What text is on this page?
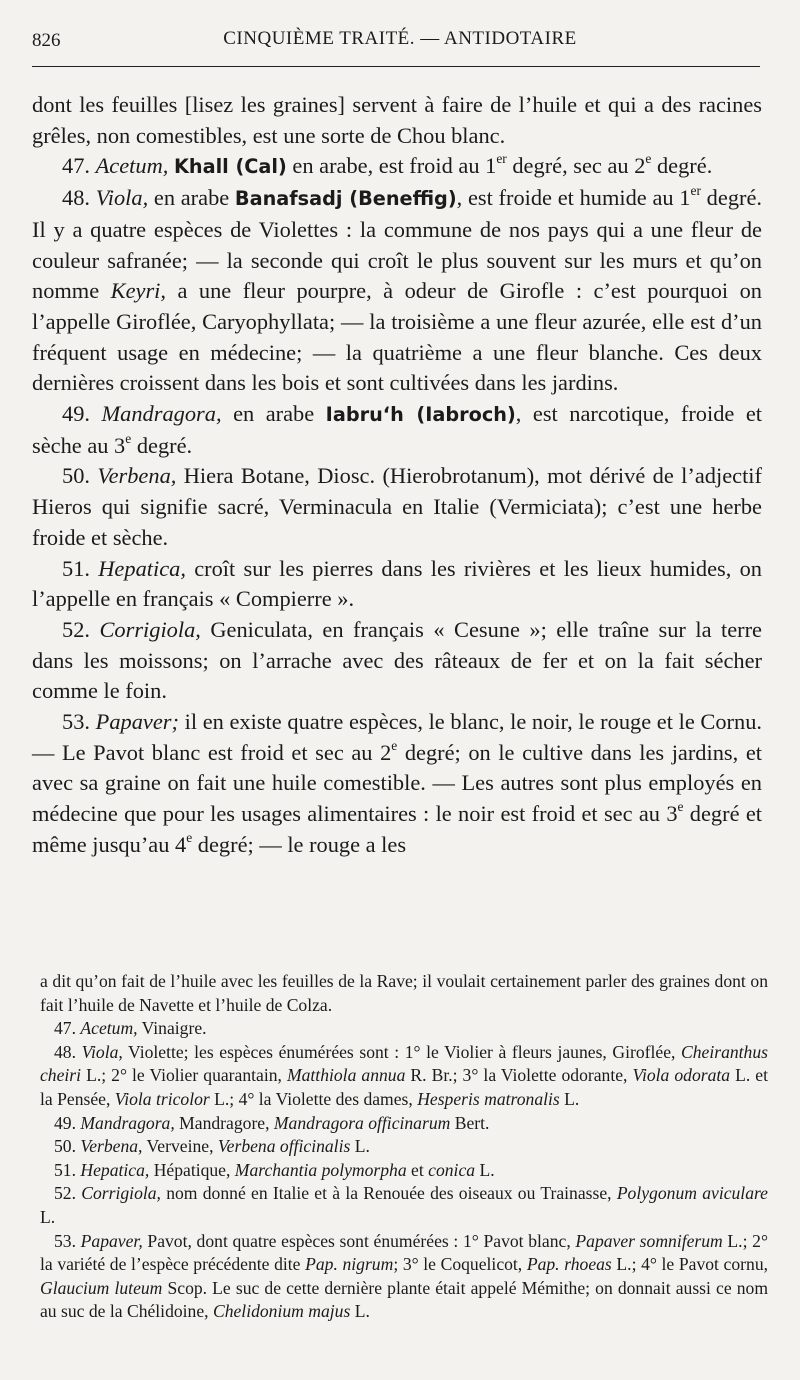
826	CINQUIÈME TRAITÉ. — ANTIDOTAIRE

dont les feuilles [lisez les graines] servent à faire de l’huile et qui a des racines grêles, non comestibles, est une sorte de Chou blanc.

47. Acetum, Khall (Cal) en arabe, est froid au 1er degré, sec au 2e degré.

48. Viola, en arabe Banafsadj (Beneffig), est froide et humide au 1er degré. Il y a quatre espèces de Violettes : la commune de nos pays qui a une fleur de couleur safranée; — la seconde qui croît le plus souvent sur les murs et qu’on nomme Keyri, a une fleur pourpre, à odeur de Girofle : c’est pourquoi on l’appelle Giroflée, Caryophyllata; — la troisième a une fleur azurée, elle est d’un fréquent usage en médecine; — la quatrième a une fleur blanche. Ces deux dernières croissent dans les bois et sont cultivées dans les jardins.

49. Mandragora, en arabe Iabru‘h (Iabroch), est narcotique, froide et sèche au 3e degré.

50. Verbena, Hiera Botane, Diosc. (Hierobrotanum), mot dérivé de l’adjectif Hieros qui signifie sacré, Verminacula en Italie (Vermiciata); c’est une herbe froide et sèche.

51. Hepatica, croît sur les pierres dans les rivières et les lieux humides, on l’appelle en français « Compierre ».

52. Corrigiola, Geniculata, en français « Cesune »; elle traîne sur la terre dans les moissons; on l’arrache avec des râteaux de fer et on la fait sécher comme le foin.

53. Papaver; il en existe quatre espèces, le blanc, le noir, le rouge et le Cornu. — Le Pavot blanc est froid et sec au 2e degré; on le cultive dans les jardins, et avec sa graine on fait une huile comestible. — Les autres sont plus employés en médecine que pour les usages alimentaires : le noir est froid et sec au 3e degré et même jusqu’au 4e degré; — le rouge a les

a dit qu’on fait de l’huile avec les feuilles de la Rave; il voulait certainement parler des graines dont on fait l’huile de Navette et l’huile de Colza.

47. Acetum, Vinaigre.

48. Viola, Violette; les espèces énumérées sont : 1° le Violier à fleurs jaunes, Giroflée, Cheiranthus cheiri L.; 2° le Violier quarantain, Matthiola annua R. Br.; 3° la Violette odorante, Viola odorata L. et la Pensée, Viola tricolor L.; 4° la Violette des dames, Hesperis matronalis L.

49. Mandragora, Mandragore, Mandragora officinarum Bert.

50. Verbena, Verveine, Verbena officinalis L.

51. Hepatica, Hépatique, Marchantia polymorpha et conica L.

52. Corrigiola, nom donné en Italie et à la Renouée des oiseaux ou Trainasse, Polygonum aviculare L.

53. Papaver, Pavot, dont quatre espèces sont énumérées : 1° Pavot blanc, Papaver somniferum L.; 2° la variété de l’espèce précédente dite Pap. nigrum; 3° le Coquelicot, Pap. rhoeas L.; 4° le Pavot cornu, Glaucium luteum Scop. Le suc de cette dernière plante était appelé Mémithe; on donnait aussi ce nom au suc de la Chélidoine, Chelidonium majus L.
